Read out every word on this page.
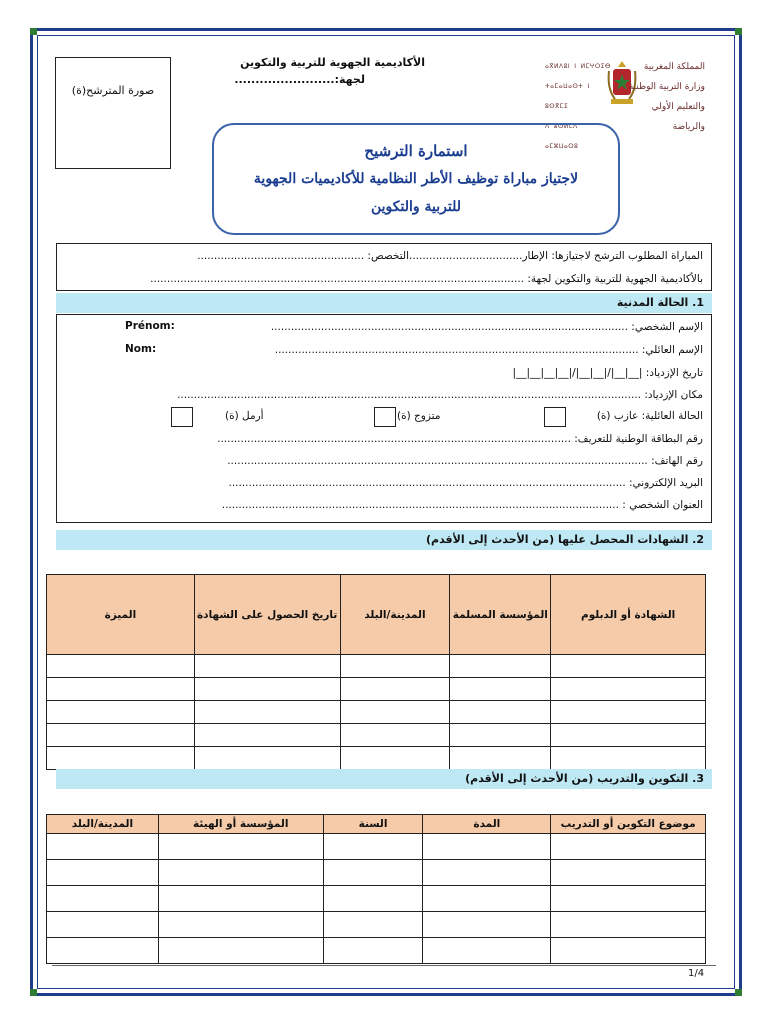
صورة المترشح(ة)
الأكاديمية الجهوية للتربية والتكوين
لجهة:........................
ⴰⴳⵍⴷⵓⵏ ⵏ ⵍⵎⵖⵔⵉⴱ
ⵜⴰⵎⴰⵡⴰⵙⵜ ⵏ ⵓⵙⴳⵎⵉ
ⴷ ⵓⵙⵍⵎⴷ ⴰⵎⵣⵡⴰⵔⵓ
المملكة المغربية
وزارة التربية الوطنية
والتعليم الأولي والرياضة
استمارة الترشيح
لاجتياز مباراة توظيف الأطر النظامية للأكاديميات الجهوية
للتربية والتكوين
المباراة المطلوب الترشح لاجتيازها: الإطار..................................التخصص: ..................................................
بالأكاديمية الجهوية للتربية والتكوين لجهة: ................................................................................................................
1. الحالة المدنية
الإسم الشخصي: ...........................................................................................................
Prénom:
الإسم العائلي: .............................................................................................................
Nom:
تاريخ الإزدياد: |__|__|/|__|__|/|__|__|__|__|
مكان الإزدياد: ...........................................................................................................................................
الحالة العائلية: عازب (ة)
متزوج (ة)
أرمل (ة)
رقم البطاقة الوطنية للتعريف: ..........................................................................................................
رقم الهاتف: ..............................................................................................................................
البريد الإلكتروني: .......................................................................................................................
العنوان الشخصي : .......................................................................................................................
2. الشهادات المحصل عليها (من الأحدث إلى الأقدم)
الشهادة أو الدبلوم	المؤسسة المسلمة	المدينة/البلد	تاريخ الحصول على الشهادة	الميزة

3. التكوين والتدريب (من الأحدث إلى الأقدم)
موضوع التكوين أو التدريب	المدة	السنة	المؤسسة أو الهيئة	المدينة/البلد

1/4
